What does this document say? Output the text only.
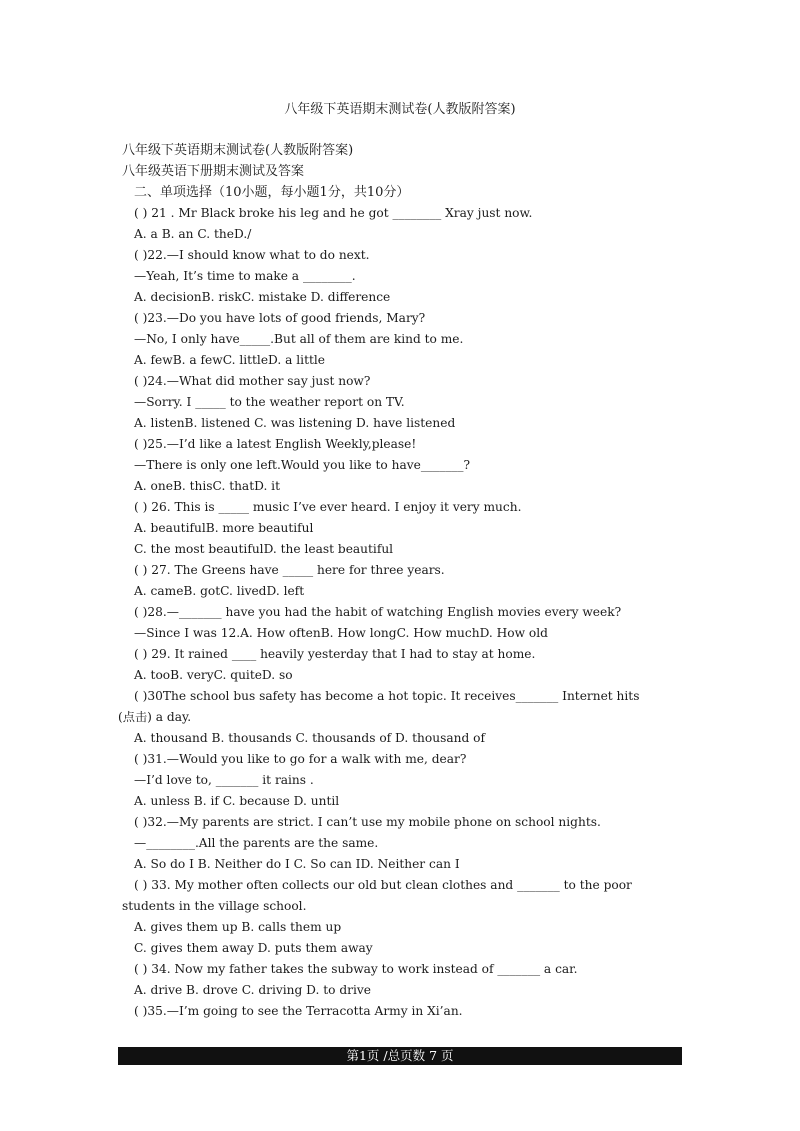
八年级下英语期末测试卷(人教版附答案)

八年级下英语期末测试卷(人教版附答案)

八年级英语下册期末测试及答案

二、单项选择（10小题，每小题1分，共10分）

( ) 21 . Mr Black broke his leg and he got ________ Xray just now.

A. a B. an C. theD./

( )22.—I should know what to do next.

—Yeah, It’s time to make a ________.

A. decisionB. riskC. mistake D. difference

( )23.—Do you have lots of good friends, Mary?

—No, I only have_____.But all of them are kind to me.

A. fewB. a fewC. littleD. a little

( )24.—What did mother say just now?

—Sorry. I _____ to the weather report on TV.

A. listenB. listened C. was listening D. have listened

( )25.—I’d like a latest English Weekly,please!

—There is only one left.Would you like to have_______?

A. oneB. thisC. thatD. it

( ) 26. This is _____ music I’ve ever heard. I enjoy it very much.

A. beautifulB. more beautiful

C. the most beautifulD. the least beautiful

( ) 27. The Greens have _____ here for three years.

A. cameB. gotC. livedD. left

( )28.—_______ have you had the habit of watching English movies every week?

—Since I was 12.A. How oftenB. How longC. How muchD. How old

( ) 29. It rained ____ heavily yesterday that I had to stay at home.

A. tooB. veryC. quiteD. so

( )30The school bus safety has become a hot topic. It receives_______ Internet hits

(点击) a day.

A. thousand B. thousands C. thousands of D. thousand of

( )31.—Would you like to go for a walk with me, dear?

—I’d love to, _______ it rains .

A. unless B. if C. because D. until

( )32.—My parents are strict. I can’t use my mobile phone on school nights.

—________.All the parents are the same.

A. So do I B. Neither do I C. So can ID. Neither can I

( ) 33. My mother often collects our old but clean clothes and _______ to the poor

students in the village school.

A. gives them up B. calls them up

C. gives them away D. puts them away

( ) 34. Now my father takes the subway to work instead of _______ a car.

A. drive B. drove C. driving D. to drive

( )35.—I’m going to see the Terracotta Army in Xi’an.

第1页 /总页数 7 页
